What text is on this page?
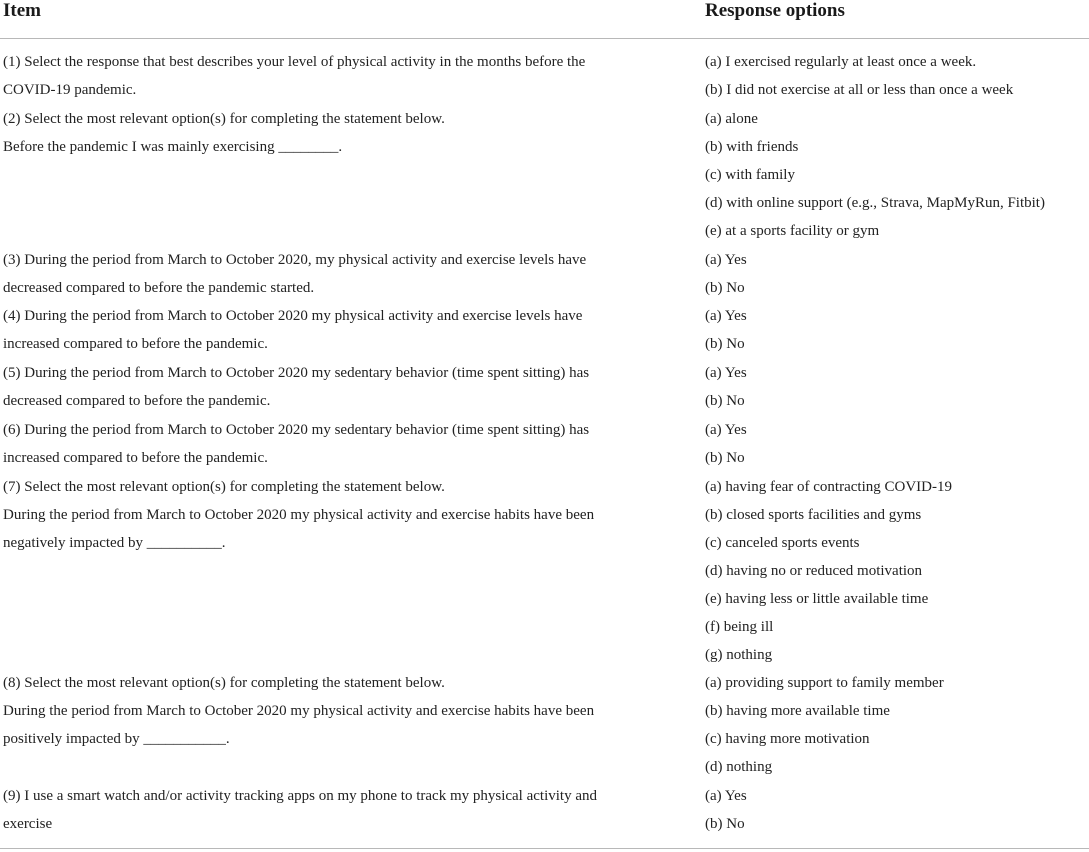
Item	Response options
(1) Select the response that best describes your level of physical activity in the months before the
COVID-19 pandemic.
(2) Select the most relevant option(s) for completing the statement below.
Before the pandemic I was mainly exercising ________.
(3) During the period from March to October 2020, my physical activity and exercise levels have
decreased compared to before the pandemic started.
(4) During the period from March to October 2020 my physical activity and exercise levels have
increased compared to before the pandemic.
(5) During the period from March to October 2020 my sedentary behavior (time spent sitting) has
decreased compared to before the pandemic.
(6) During the period from March to October 2020 my sedentary behavior (time spent sitting) has
increased compared to before the pandemic.
(7) Select the most relevant option(s) for completing the statement below.
During the period from March to October 2020 my physical activity and exercise habits have been
negatively impacted by __________.
(8) Select the most relevant option(s) for completing the statement below.
During the period from March to October 2020 my physical activity and exercise habits have been
positively impacted by ___________.
(9) I use a smart watch and/or activity tracking apps on my phone to track my physical activity and
exercise
(a) I exercised regularly at least once a week.
(b) I did not exercise at all or less than once a week
(a) alone
(b) with friends
(c) with family
(d) with online support (e.g., Strava, MapMyRun, Fitbit)
(e) at a sports facility or gym
(a) Yes
(b) No
(a) Yes
(b) No
(a) Yes
(b) No
(a) Yes
(b) No
(a) having fear of contracting COVID-19
(b) closed sports facilities and gyms
(c) canceled sports events
(d) having no or reduced motivation
(e) having less or little available time
(f) being ill
(g) nothing
(a) providing support to family member
(b) having more available time
(c) having more motivation
(d) nothing
(a) Yes
(b) No
